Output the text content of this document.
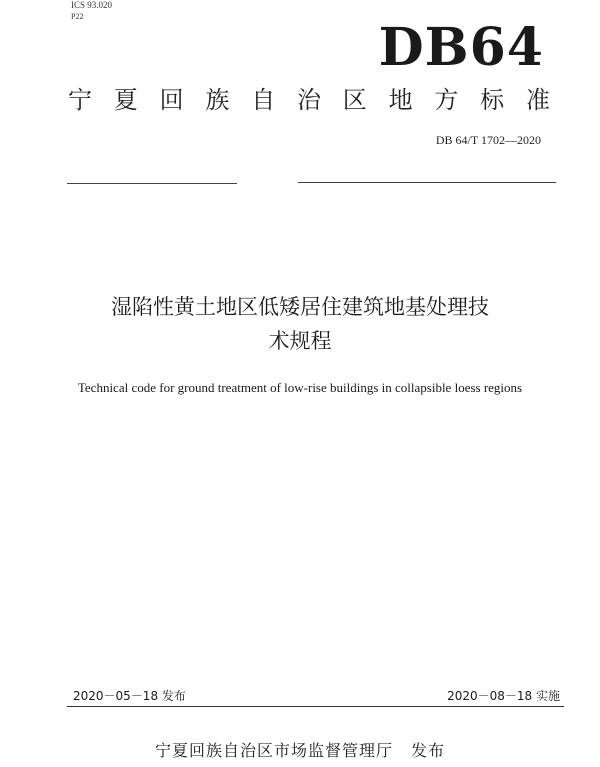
ICS 93.020
P22
DB64
宁 夏 回 族 自 治 区 地 方 标 准
DB 64/T 1702—2020
湿陷性黄土地区低矮居住建筑地基处理技
术规程
Technical code for ground treatment of low-rise buildings in collapsible loess regions
2020－05－18 发布	2020－08－18 实施
宁夏回族自治区市场监督管理厅 发布
